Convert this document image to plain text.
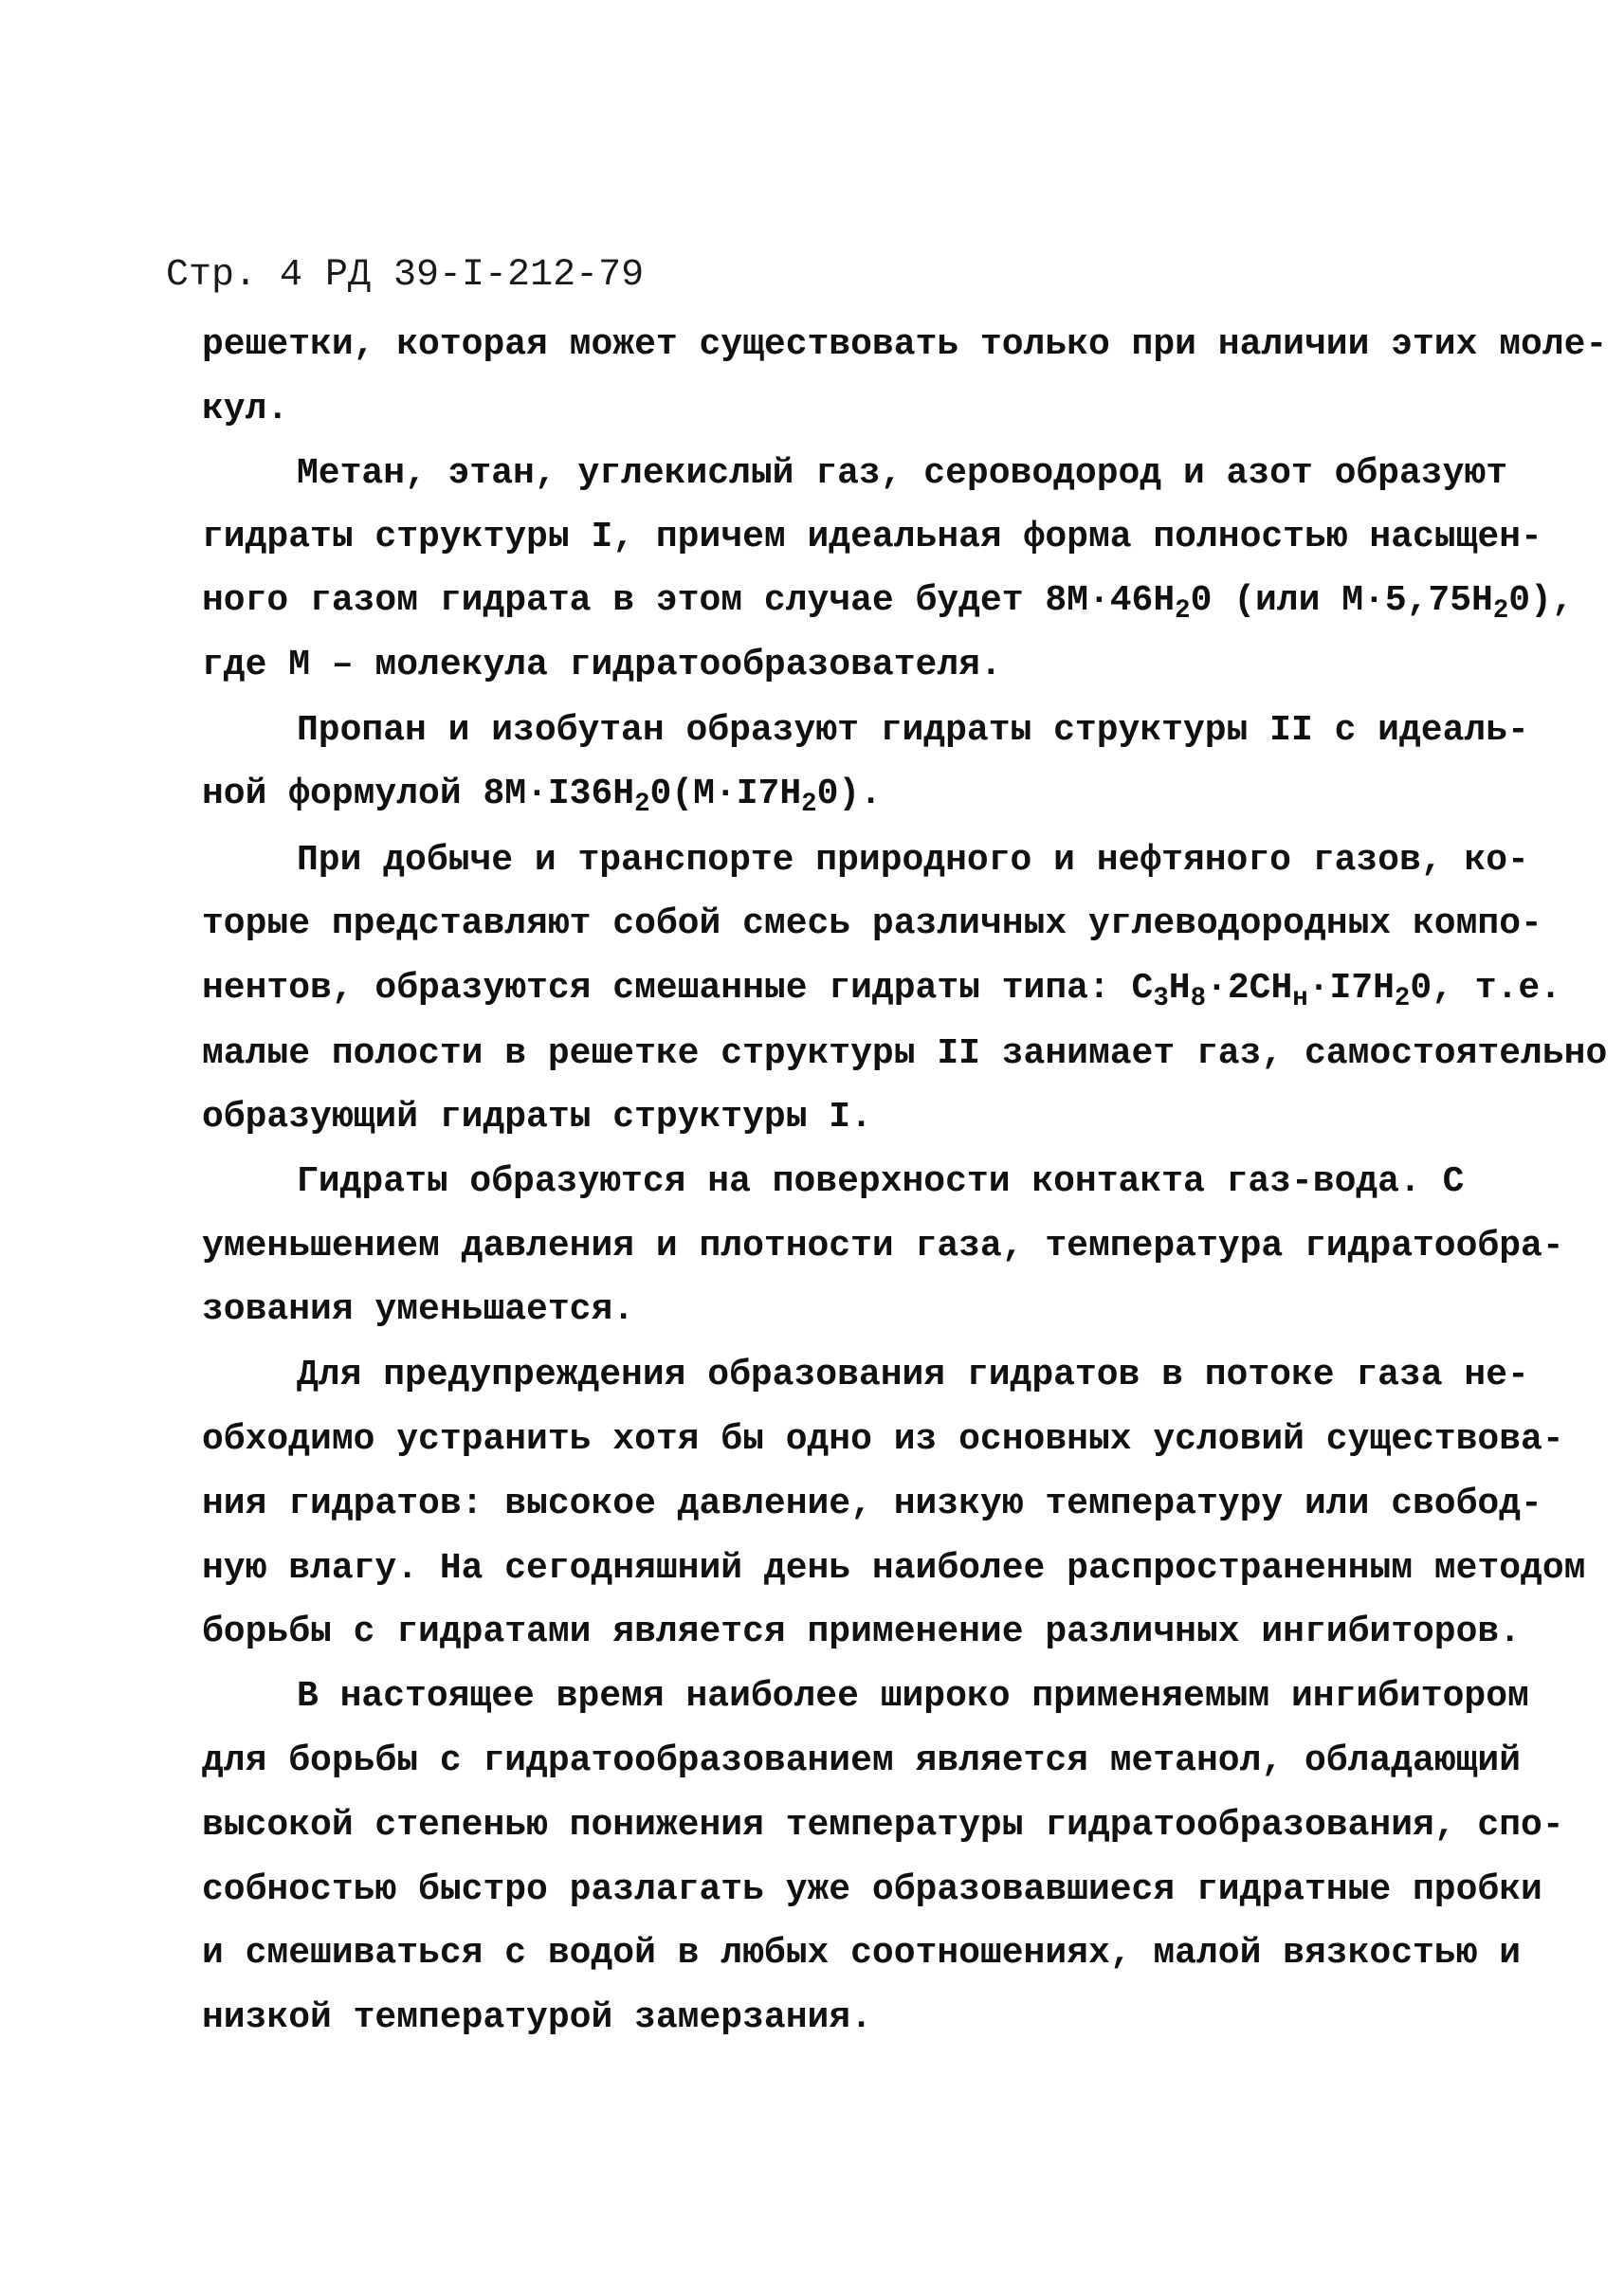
Стр. 4 РД 39-I-212-79
решетки, которая может существовать только при наличии этих моле-
кул.
Метан, этан, углекислый газ, сероводород и азот образуют
гидраты структуры I, причем идеальная форма полностью насыщен-
ного газом гидрата в этом случае будет $8М\cdot 46Н_20$ (или $М\cdot 5,75Н_20$),
где М – молекула гидратообразователя.
Пропан и изобутан образуют гидраты структуры II с идеаль-
ной формулой $8М\cdot I36Н_20(М\cdot I7Н_20)$.
При добыче и транспорте природного и нефтяного газов, ко-
торые представляют собой смесь различных углеводородных компо-
нентов, образуются смешанные гидраты типа: $С_3Н_8\cdot 2СН_н\cdot I7Н_20$, т.е.
малые полости в решетке структуры II занимает газ, самостоятельно
образующий гидраты структуры I.
Гидраты образуются на поверхности контакта газ-вода. С
уменьшением давления и плотности газа, температура гидратообра-
зования уменьшается.
Для предупреждения образования гидратов в потоке газа не-
обходимо устранить хотя бы одно из основных условий существова-
ния гидратов: высокое давление, низкую температуру или свобод-
ную влагу. На сегодняшний день наиболее распространенным методом
борьбы с гидратами является применение различных ингибиторов.
В настоящее время наиболее широко применяемым ингибитором
для борьбы с гидратообразованием является метанол, обладающий
высокой степенью понижения температуры гидратообразования, спо-
собностью быстро разлагать уже образовавшиеся гидратные пробки
и смешиваться с водой в любых соотношениях, малой вязкостью и
низкой температурой замерзания.
